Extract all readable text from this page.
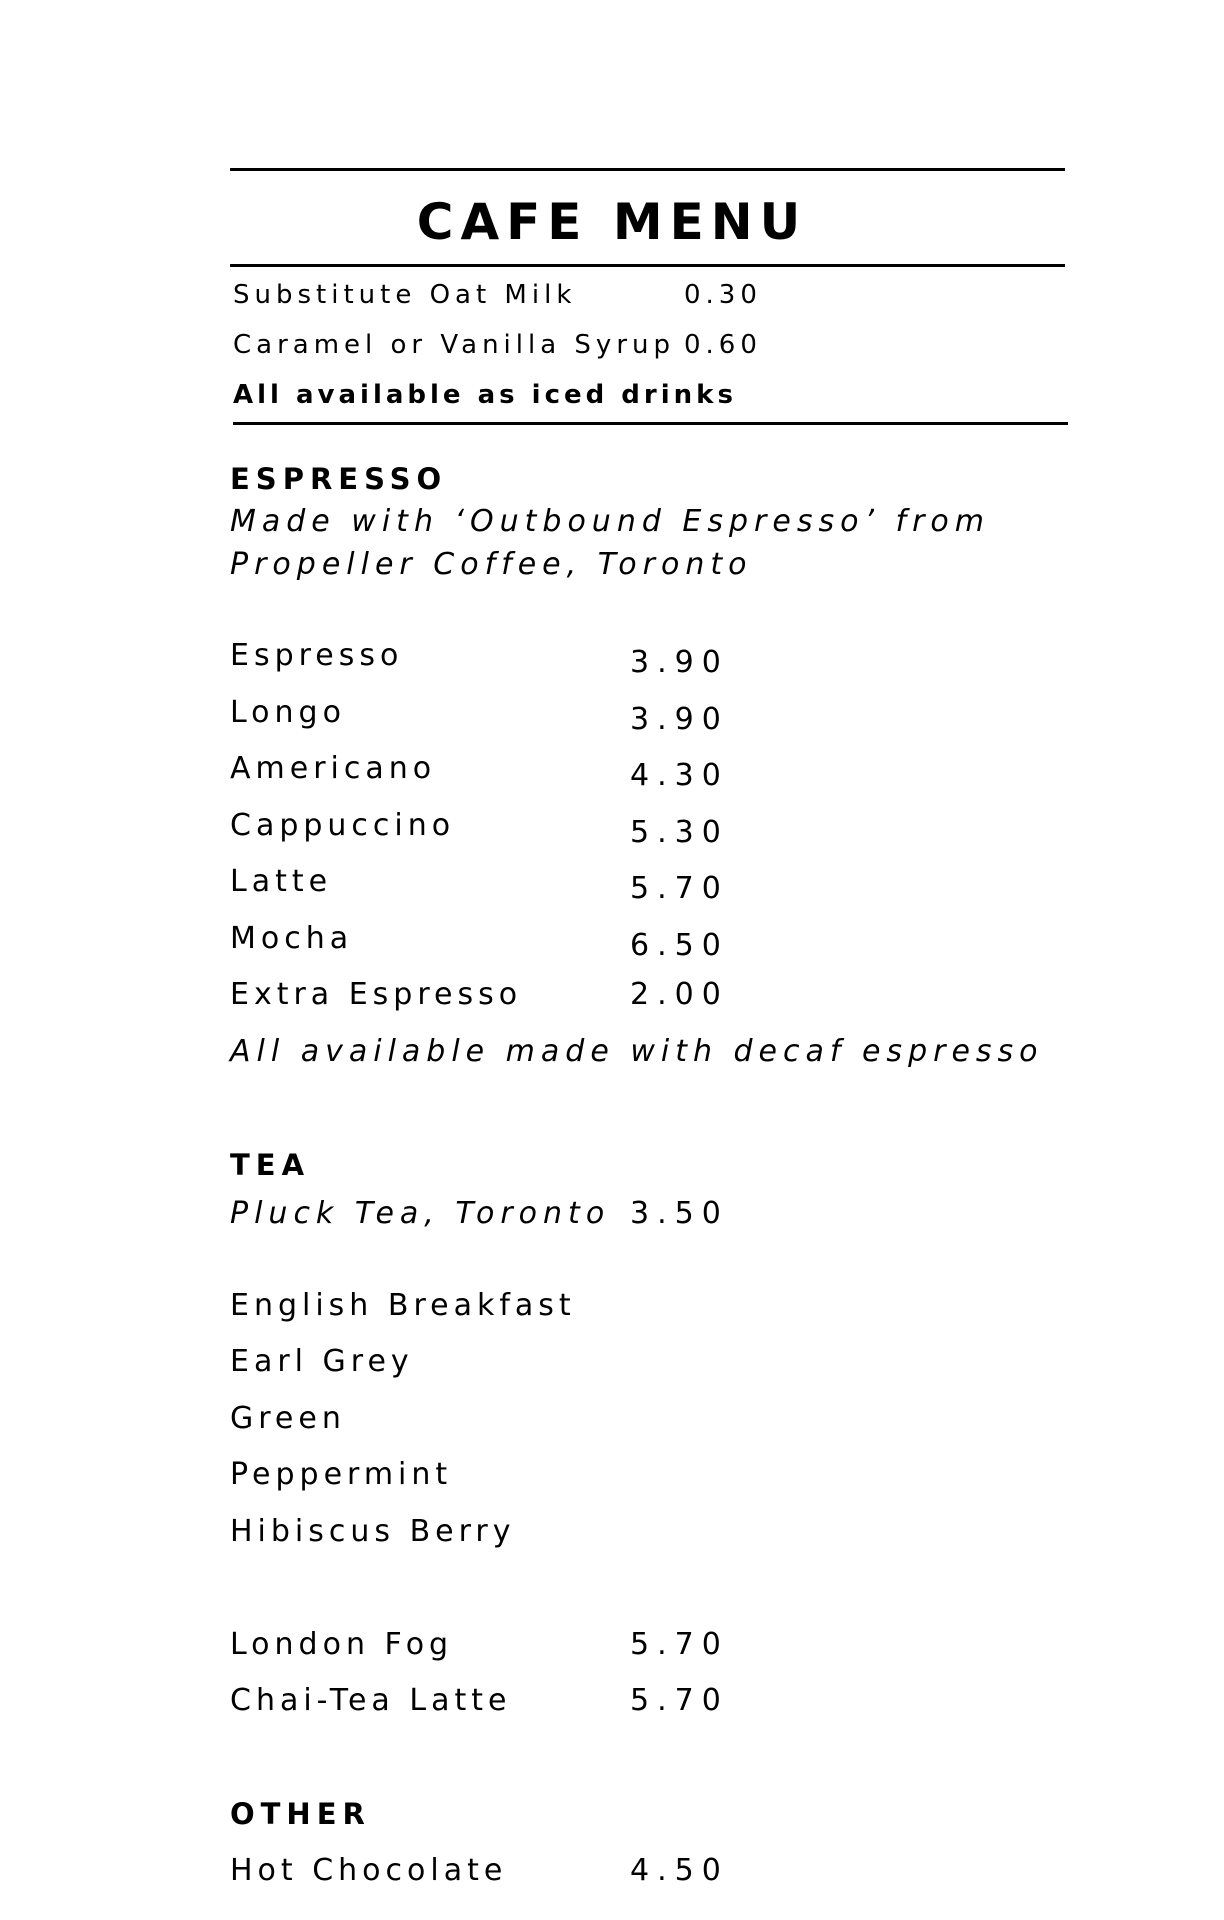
CAFE MENU
Substitute Oat Milk	0.30
Caramel or Vanilla Syrup 0.60
All available as iced drinks
ESPRESSO
Made with ‘Outbound Espresso’ from
Propeller Coffee, Toronto
Espresso	3.90
Longo	3.90
Americano	4.30
Cappuccino	5.30
Latte	5.70
Mocha	6.50
Extra Espresso	2.00
All available made with decaf espresso
TEA
Pluck Tea, Toronto 3.50
English Breakfast
Earl Grey
Green
Peppermint
Hibiscus Berry
London Fog	5.70
Chai-Tea Latte	5.70
OTHER
Hot Chocolate	4.50
